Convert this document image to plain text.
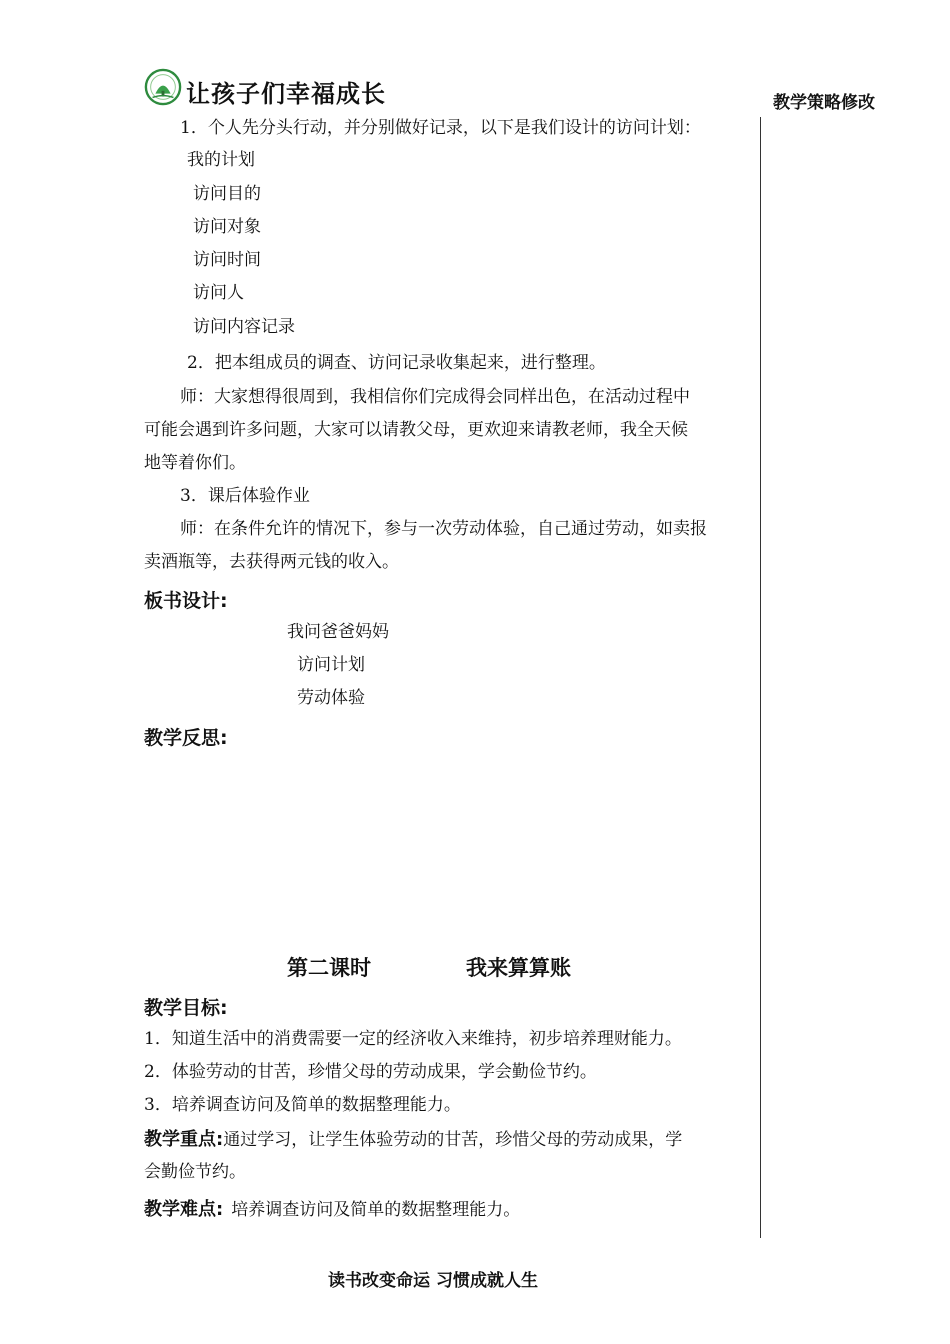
让孩子们幸福成长	教学策略修改
1．个人先分头行动，并分别做好记录，以下是我们设计的访问计划：
我的计划
访问目的
访问对象
访问时间
访问人
访问内容记录
2．把本组成员的调查、访问记录收集起来，进行整理。
师：大家想得很周到，我相信你们完成得会同样出色，在活动过程中
可能会遇到许多问题，大家可以请教父母，更欢迎来请教老师，我全天候
地等着你们。
3．课后体验作业
师：在条件允许的情况下，参与一次劳动体验，自己通过劳动，如卖报
卖酒瓶等，去获得两元钱的收入。
板书设计:
我问爸爸妈妈
访问计划
劳动体验
教学反思:
第二课时	我来算算账
教学目标:
1．知道生活中的消费需要一定的经济收入来维持，初步培养理财能力。
2．体验劳动的甘苦，珍惜父母的劳动成果，学会勤俭节约。
3．培养调查访问及简单的数据整理能力。
教学重点:通过学习，让学生体验劳动的甘苦，珍惜父母的劳动成果，学
会勤俭节约。
教学难点: 培养调查访问及简单的数据整理能力。
读书改变命运 习惯成就人生
